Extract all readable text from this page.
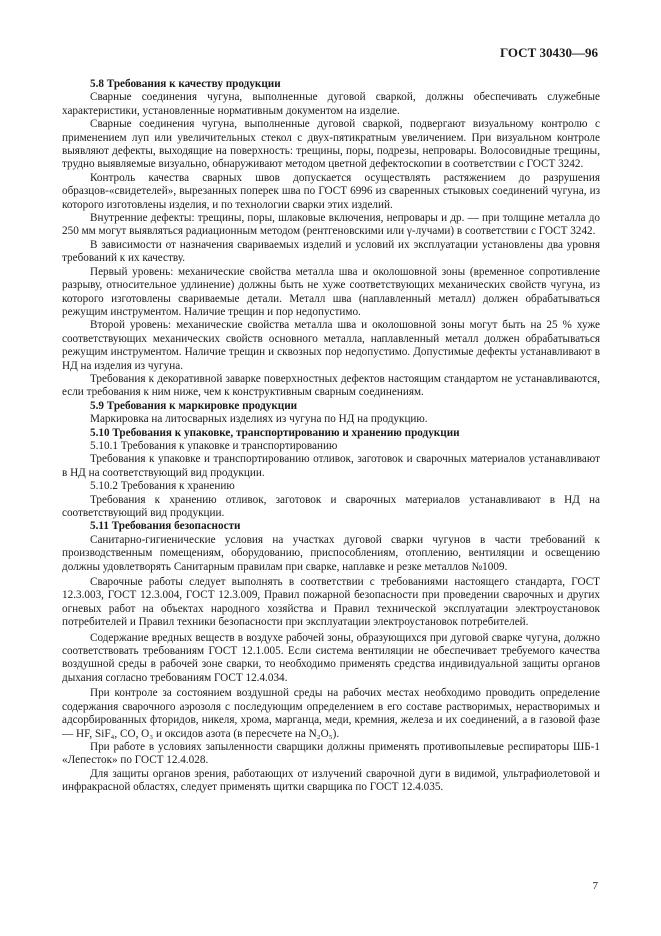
ГОСТ 30430—96

5.8 Требования к качеству продукции

Сварные соединения чугуна, выполненные дуговой сваркой, должны обеспечивать служебные характеристики, установленные нормативным документом на изделие.

Сварные соединения чугуна, выполненные дуговой сваркой, подвергают визуальному контролю с применением луп или увеличительных стекол с двух-пятикратным увеличением. При визуальном контроле выявляют дефекты, выходящие на поверхность: трещины, поры, подрезы, непровары. Волосовидные трещины, трудно выявляемые визуально, обнаруживают методом цветной дефектоскопии в соответствии с ГОСТ 3242.

Контроль качества сварных швов допускается осуществлять растяжением до разрушения образцов-«свидетелей», вырезанных поперек шва по ГОСТ 6996 из сваренных стыковых соединений чугуна, из которого изготовлены изделия, и по технологии сварки этих изделий.

Внутренние дефекты: трещины, поры, шлаковые включения, непровары и др. — при толщине металла до 250 мм могут выявляться радиационным методом (рентгеновскими или γ-лучами) в соответствии с ГОСТ 3242.

В зависимости от назначения свариваемых изделий и условий их эксплуатации установлены два уровня требований к их качеству.

Первый уровень: механические свойства металла шва и околошовной зоны (временное сопротивление разрыву, относительное удлинение) должны быть не хуже соответствующих механических свойств чугуна, из которого изготовлены свариваемые детали. Металл шва (наплавленный металл) должен обрабатываться режущим инструментом. Наличие трещин и пор недопустимо.

Второй уровень: механические свойства металла шва и околошовной зоны могут быть на 25 % хуже соответствующих механических свойств основного металла, наплавленный металл должен обрабатываться режущим инструментом. Наличие трещин и сквозных пор недопустимо. Допустимые дефекты устанавливают в НД на изделия из чугуна.

Требования к декоративной заварке поверхностных дефектов настоящим стандартом не устанавливаются, если требования к ним ниже, чем к конструктивным сварным соединениям.

5.9 Требования к маркировке продукции

Маркировка на литосварных изделиях из чугуна по НД на продукцию.

5.10 Требования к упаковке, транспортированию и хранению продукции

5.10.1 Требования к упаковке и транспортированию

Требования к упаковке и транспортированию отливок, заготовок и сварочных материалов устанавливают в НД на соответствующий вид продукции.

5.10.2 Требования к хранению

Требования к хранению отливок, заготовок и сварочных материалов устанавливают в НД на соответствующий вид продукции.

5.11 Требования безопасности

Санитарно-гигиенические условия на участках дуговой сварки чугунов в части требований к производственным помещениям, оборудованию, приспособлениям, отоплению, вентиляции и освещению должны удовлетворять Санитарным правилам при сварке, наплавке и резке металлов №1009.

Сварочные работы следует выполнять в соответствии с требованиями настоящего стандарта, ГОСТ 12.3.003, ГОСТ 12.3.004, ГОСТ 12.3.009, Правил пожарной безопасности при проведении сварочных и других огневых работ на объектах народного хозяйства и Правил технической эксплуатации электроустановок потребителей и Правил техники безопасности при эксплуатации электроустановок потребителей.

Содержание вредных веществ в воздухе рабочей зоны, образующихся при дуговой сварке чугуна, должно соответствовать требованиям ГОСТ 12.1.005. Если система вентиляции не обеспечивает требуемого качества воздушной среды в рабочей зоне сварки, то необходимо применять средства индивидуальной защиты органов дыхания согласно требованиям ГОСТ 12.4.034.

При контроле за состоянием воздушной среды на рабочих местах необходимо проводить определение содержания сварочного аэрозоля с последующим определением в его составе растворимых, нерастворимых и адсорбированных фторидов, никеля, хрома, марганца, меди, кремния, железа и их соединений, а в газовой фазе — HF, SiF₄, CO, O₃ и оксидов азота (в пересчете на N₂O₅).

При работе в условиях запыленности сварщики должны применять противопылевые респираторы ШБ-1 «Лепесток» по ГОСТ 12.4.028.

Для защиты органов зрения, работающих от излучений сварочной дуги в видимой, ультрафиолетовой и инфракрасной областях, следует применять щитки сварщика по ГОСТ 12.4.035.

7
